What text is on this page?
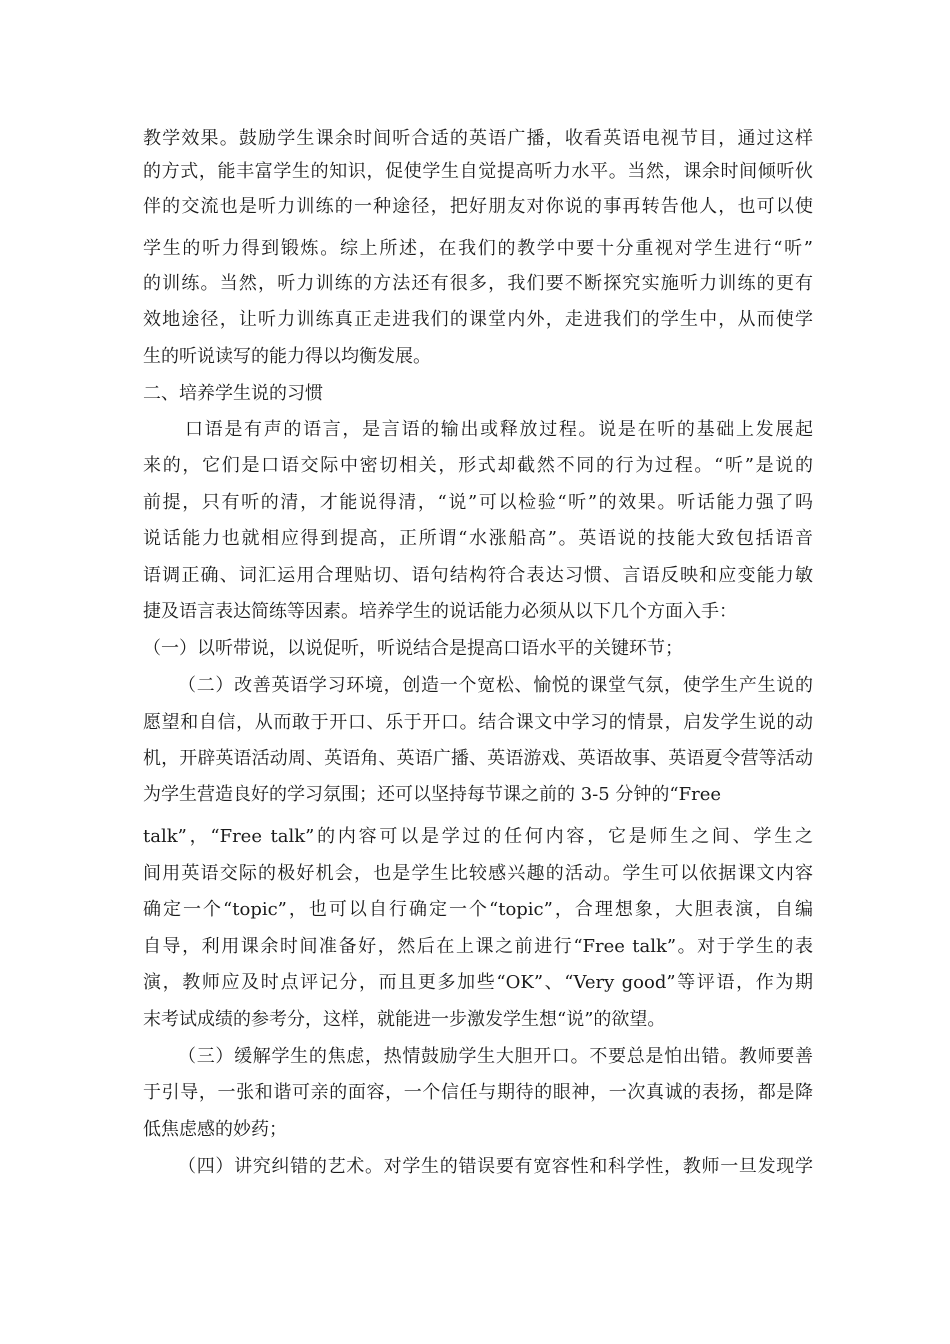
教学效果。鼓励学生课余时间听合适的英语广播，收看英语电视节目，通过这样
的方式，能丰富学生的知识，促使学生自觉提高听力水平。当然，课余时间倾听伙
伴的交流也是听力训练的一种途径，把好朋友对你说的事再转告他人，也可以使
学生的听力得到锻炼。综上所述，在我们的教学中要十分重视对学生进行“听”
的训练。当然，听力训练的方法还有很多，我们要不断探究实施听力训练的更有
效地途径，让听力训练真正走进我们的课堂内外，走进我们的学生中，从而使学
生的听说读写的能力得以均衡发展。
二、培养学生说的习惯
口语是有声的语言，是言语的输出或释放过程。说是在听的基础上发展起
来的，它们是口语交际中密切相关，形式却截然不同的行为过程。“听”是说的
前提，只有听的清，才能说得清，“说”可以检验“听”的效果。听话能力强了吗
说话能力也就相应得到提高，正所谓“水涨船高”。英语说的技能大致包括语音
语调正确、词汇运用合理贴切、语句结构符合表达习惯、言语反映和应变能力敏
捷及语言表达简练等因素。培养学生的说话能力必须从以下几个方面入手：
（一）以听带说，以说促听，听说结合是提高口语水平的关键环节；
（二）改善英语学习环境，创造一个宽松、愉悦的课堂气氛，使学生产生说的
愿望和自信，从而敢于开口、乐于开口。结合课文中学习的情景，启发学生说的动
机，开辟英语活动周、英语角、英语广播、英语游戏、英语故事、英语夏令营等活动
为学生营造良好的学习氛围；还可以坚持每节课之前的 3-5 分钟的“Free
talk”，“Free talk”的内容可以是学过的任何内容，它是师生之间、学生之
间用英语交际的极好机会，也是学生比较感兴趣的活动。学生可以依据课文内容
确定一个“topic”，也可以自行确定一个“topic”，合理想象，大胆表演，自编
自导，利用课余时间准备好，然后在上课之前进行“Free talk”。对于学生的表
演，教师应及时点评记分，而且更多加些“OK”、“Very good”等评语，作为期
末考试成绩的参考分，这样，就能进一步激发学生想“说”的欲望。
（三）缓解学生的焦虑，热情鼓励学生大胆开口。不要总是怕出错。教师要善
于引导，一张和谐可亲的面容，一个信任与期待的眼神，一次真诚的表扬，都是降
低焦虑感的妙药；
（四）讲究纠错的艺术。对学生的错误要有宽容性和科学性，教师一旦发现学
